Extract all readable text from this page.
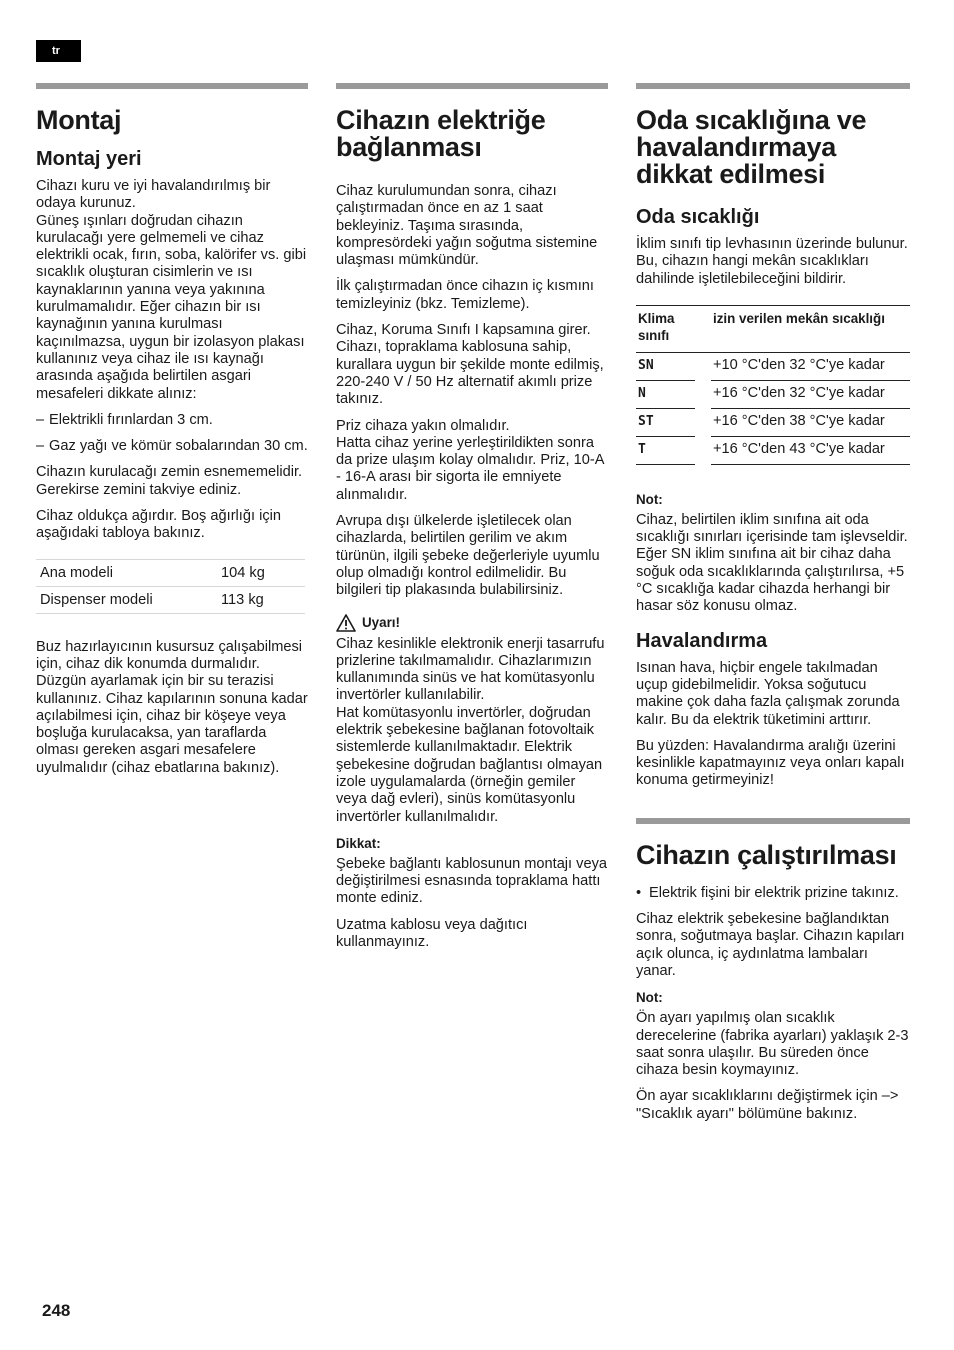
tr
Montaj
Montaj yeri

Cihazı kuru ve iyi havalandırılmış bir odaya kurunuz.
Güneş ışınları doğrudan cihazın kurulacağı yere gelmemeli ve cihaz elektrikli ocak, fırın, soba, kalörifer vs. gibi sıcaklık oluşturan cisimlerin ve ısı kaynaklarının yanına veya yakınına kurulmamalıdır. Eğer cihazın bir ısı kaynağının yanına kurulması kaçınılmazsa, uygun bir izolasyon plakası kullanınız veya cihaz ile ısı kaynağı arasında aşağıda belirtilen asgari mesafeleri dikkate alınız:

– Elektrikli fırınlardan 3 cm.
– Gaz yağı ve kömür sobalarından 30 cm.

Cihazın kurulacağı zemin esnememelidir. Gerekirse zemini takviye ediniz.

Cihaz oldukça ağırdır. Boş ağırlığı için aşağıdaki tabloya bakınız.

Ana modeli	104 kg
Dispenser modeli	113 kg

Buz hazırlayıcının kusursuz çalışabilmesi için, cihaz dik konumda durmalıdır. Düzgün ayarlamak için bir su terazisi kullanınız. Cihaz kapılarının sonuna kadar açılabilmesi için, cihaz bir köşeye veya boşluğa kurulacaksa, yan taraflarda olması gereken asgari mesafelere uyulmalıdır (cihaz ebatlarına bakınız).

Cihazın elektriğe bağlanması

Cihaz kurulumundan sonra, cihazı çalıştırmadan önce en az 1 saat bekleyiniz. Taşıma sırasında, kompresördeki yağın soğutma sistemine ulaşması mümkündür.

İlk çalıştırmadan önce cihazın iç kısmını temizleyiniz (bkz. Temizleme).

Cihaz, Koruma Sınıfı I kapsamına girer. Cihazı, topraklama kablosuna sahip, kurallara uygun bir şekilde monte edilmiş, 220-240 V / 50 Hz alternatif akımlı prize takınız.

Priz cihaza yakın olmalıdır.
Hatta cihaz yerine yerleştirildikten sonra da prize ulaşım kolay olmalıdır. Priz, 10-A - 16-A arası bir sigorta ile emniyete alınmalıdır.

Avrupa dışı ülkelerde işletilecek olan cihazlarda, belirtilen gerilim ve akım türünün, ilgili şebeke değerleriyle uyumlu olup olmadığı kontrol edilmelidir. Bu bilgileri tip plakasında bulabilirsiniz.

Uyarı!

Cihaz kesinlikle elektronik enerji tasarrufu prizlerine takılmamalıdır. Cihazlarımızın kullanımında sinüs ve hat komütasyonlu invertörler kullanılabilir.
Hat komütasyonlu invertörler, doğrudan elektrik şebekesine bağlanan fotovoltaik sistemlerde kullanılmaktadır. Elektrik şebekesine doğrudan bağlantısı olmayan izole uygulamalarda (örneğin gemiler veya dağ evleri), sinüs komütasyonlu invertörler kullanılmalıdır.

Dikkat:

Şebeke bağlantı kablosunun montajı veya değiştirilmesi esnasında topraklama hattı monte ediniz.

Uzatma kablosu veya dağıtıcı kullanmayınız.

Oda sıcaklığına ve havalandırmaya dikkat edilmesi
Oda sıcaklığı

İklim sınıfı tip levhasının üzerinde bulunur. Bu, cihazın hangi mekân sıcaklıkları dahilinde işletilebileceğini bildirir.

Klima sınıfı		izin verilen mekân sıcaklığı
SN		+10 °C'den 32 °C'ye kadar
N		+16 °C'den 32 °C'ye kadar
ST		+16 °C'den 38 °C'ye kadar
T		+16 °C'den 43 °C'ye kadar
Not:

Cihaz, belirtilen iklim sınıfına ait oda sıcaklığı sınırları içerisinde tam işlevseldir.
Eğer SN iklim sınıfına ait bir cihaz daha soğuk oda sıcaklıklarında çalıştırılırsa, +5 °C sıcaklığa kadar cihazda herhangi bir hasar söz konusu olmaz.

Havalandırma

Isınan hava, hiçbir engele takılmadan uçup gidebilmelidir. Yoksa soğutucu makine çok daha fazla çalışmak zorunda kalır. Bu da elektrik tüketimini arttırır.

Bu yüzden: Havalandırma aralığı üzerini kesinlikle kapatmayınız veya onları kapalı konuma getirmeyiniz!

Cihazın çalıştırılması
• Elektrik fişini bir elektrik prizine takınız.

Cihaz elektrik şebekesine bağlandıktan sonra, soğutmaya başlar. Cihazın kapıları açık olunca, iç aydınlatma lambaları yanar.

Not:

Ön ayarı yapılmış olan sıcaklık derecelerine (fabrika ayarları) yaklaşık 2-3 saat sonra ulaşılır. Bu süreden önce cihaza besin koymayınız.

Ön ayar sıcaklıklarını değiştirmek için –> "Sıcaklık ayarı" bölümüne bakınız.

248
